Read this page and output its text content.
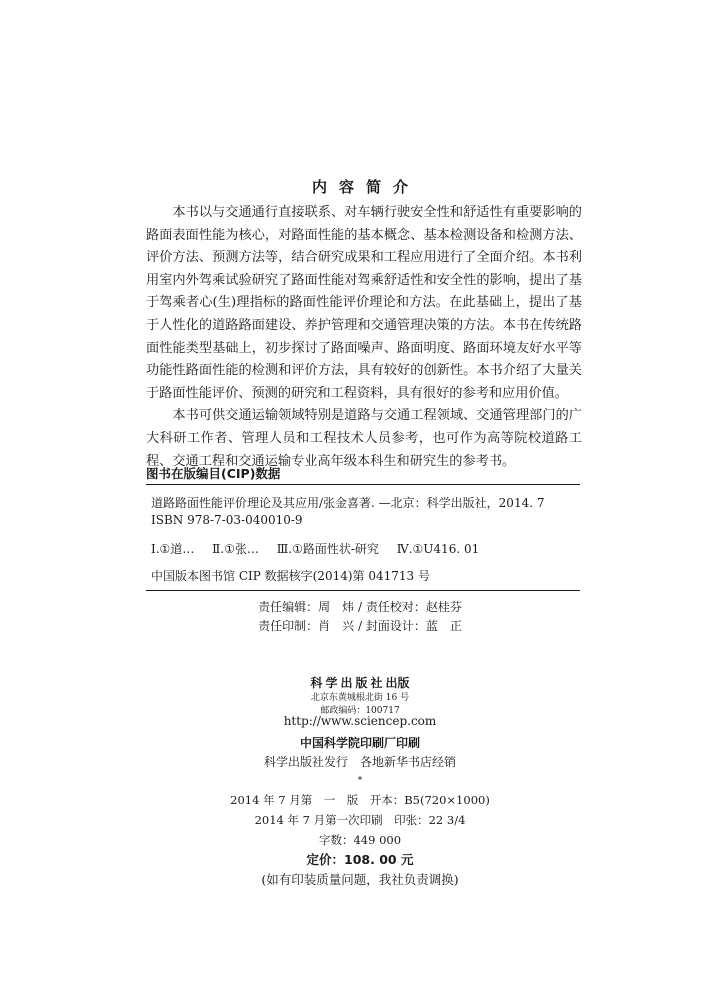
内容简介

本书以与交通通行直接联系、对车辆行驶安全性和舒适性有重要影响的路面表面性能为核心，对路面性能的基本概念、基本检测设备和检测方法、评价方法、预测方法等，结合研究成果和工程应用进行了全面介绍。本书利用室内外驾乘试验研究了路面性能对驾乘舒适性和安全性的影响，提出了基于驾乘者心(生)理指标的路面性能评价理论和方法。在此基础上，提出了基于人性化的道路路面建设、养护管理和交通管理决策的方法。本书在传统路面性能类型基础上，初步探讨了路面噪声、路面明度、路面环境友好水平等功能性路面性能的检测和评价方法，具有较好的创新性。本书介绍了大量关于路面性能评价、预测的研究和工程资料，具有很好的参考和应用价值。

本书可供交通运输领域特别是道路与交通工程领域、交通管理部门的广大科研工作者、管理人员和工程技术人员参考，也可作为高等院校道路工程、交通工程和交通运输专业高年级本科生和研究生的参考书。

图书在版编目(CIP)数据
道路路面性能评价理论及其应用/张金喜著. —北京：科学出版社，2014. 7
ISBN 978-7-03-040010-9
Ⅰ.①道… Ⅱ.①张… Ⅲ.①路面性状-研究 Ⅳ.①U416. 01
中国版本图书馆 CIP 数据核字(2014)第 041713 号
责任编辑：周　炜 / 责任校对：赵桂芬
责任印制：肖　兴 / 封面设计：蓝　正
科学出版社出版
北京东黄城根北街 16 号
邮政编码：100717
http://www.sciencep.com
中国科学院印刷厂印刷
科学出版社发行　各地新华书店经销
*
2014 年 7 月第　一　版　开本：B5(720×1000)
2014 年 7 月第一次印刷　印张：22 3/4
字数：449 000
定价：108. 00 元
(如有印装质量问题，我社负责调换)
